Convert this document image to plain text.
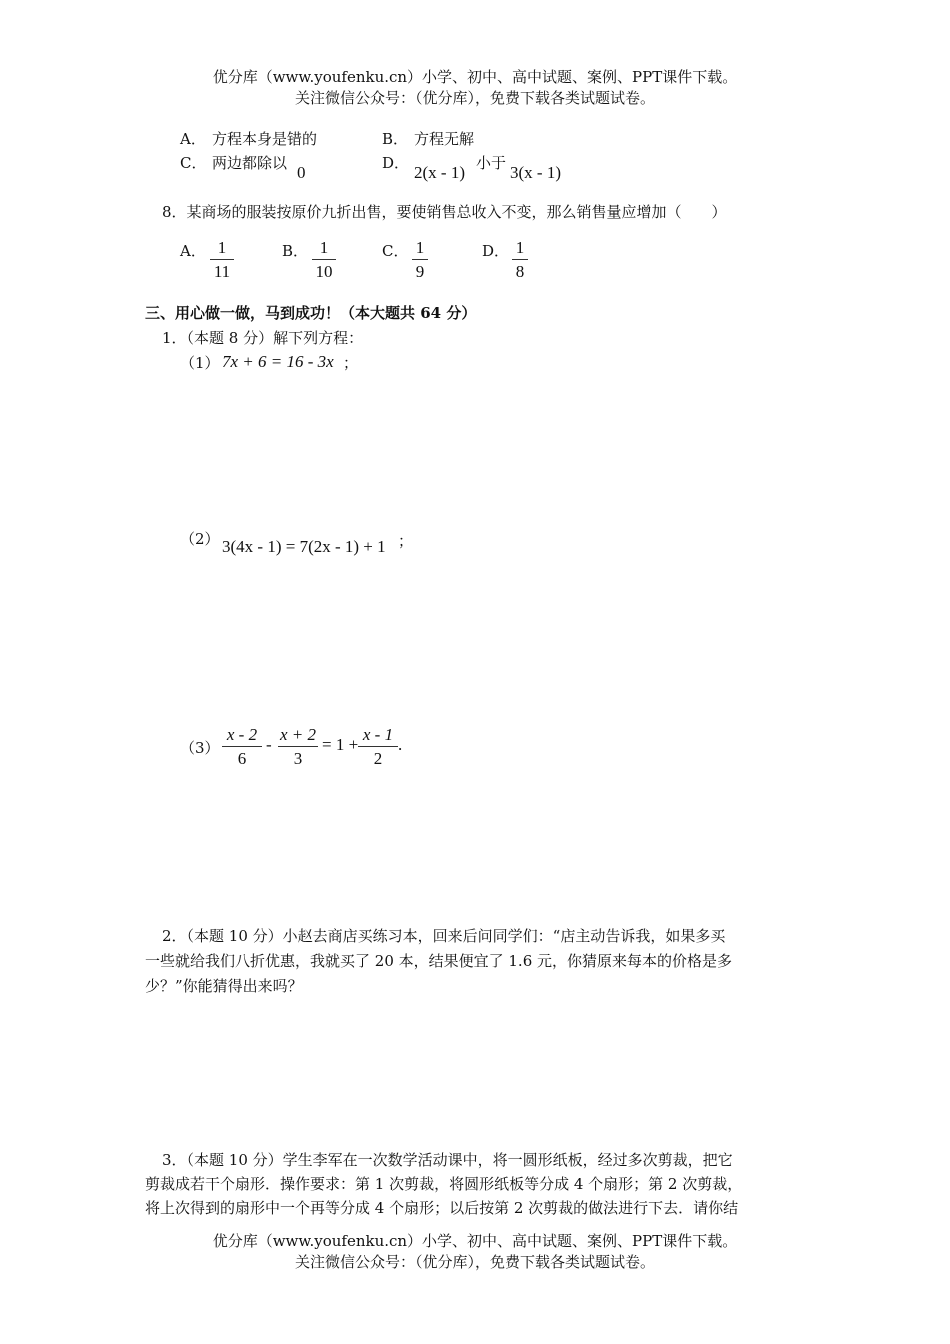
优分库（www.youfenku.cn）小学、初中、高中试题、案例、PPT课件下载。
关注微信公众号：（优分库），免费下载各类试题试卷。
A． 方程本身是错的	B． 方程无解
C． 两边都除以 0	D． 2(x - 1) 小于 3(x - 1)
8．某商场的服装按原价九折出售，要使销售总收入不变，那么销售量应增加（　　）
A． 1
11
B． 1
10
C． 1
9
D． 1
8
三、用心做一做，马到成功！（本大题共 64 分）
1．（本题 8 分）解下列方程：
（1） 7x + 6 = 16 - 3x ；
（2） 3(4x - 1) = 7(2x - 1) + 1 ；
（3）
x - 2
6
-
x + 2
3
= 1 +
x - 1
2
.
2．（本题 10 分）小赵去商店买练习本，回来后问同学们：“店主动告诉我，如果多买
一些就给我们八折优惠，我就买了 20 本，结果便宜了 1.6 元，你猜原来每本的价格是多
少？”你能猜得出来吗？
3．（本题 10 分）学生李军在一次数学活动课中，将一圆形纸板，经过多次剪裁，把它
剪裁成若干个扇形．操作要求：第 1 次剪裁，将圆形纸板等分成 4 个扇形；第 2 次剪裁，
将上次得到的扇形中一个再等分成 4 个扇形；以后按第 2 次剪裁的做法进行下去．请你结
优分库（www.youfenku.cn）小学、初中、高中试题、案例、PPT课件下载。
关注微信公众号：（优分库），免费下载各类试题试卷。
